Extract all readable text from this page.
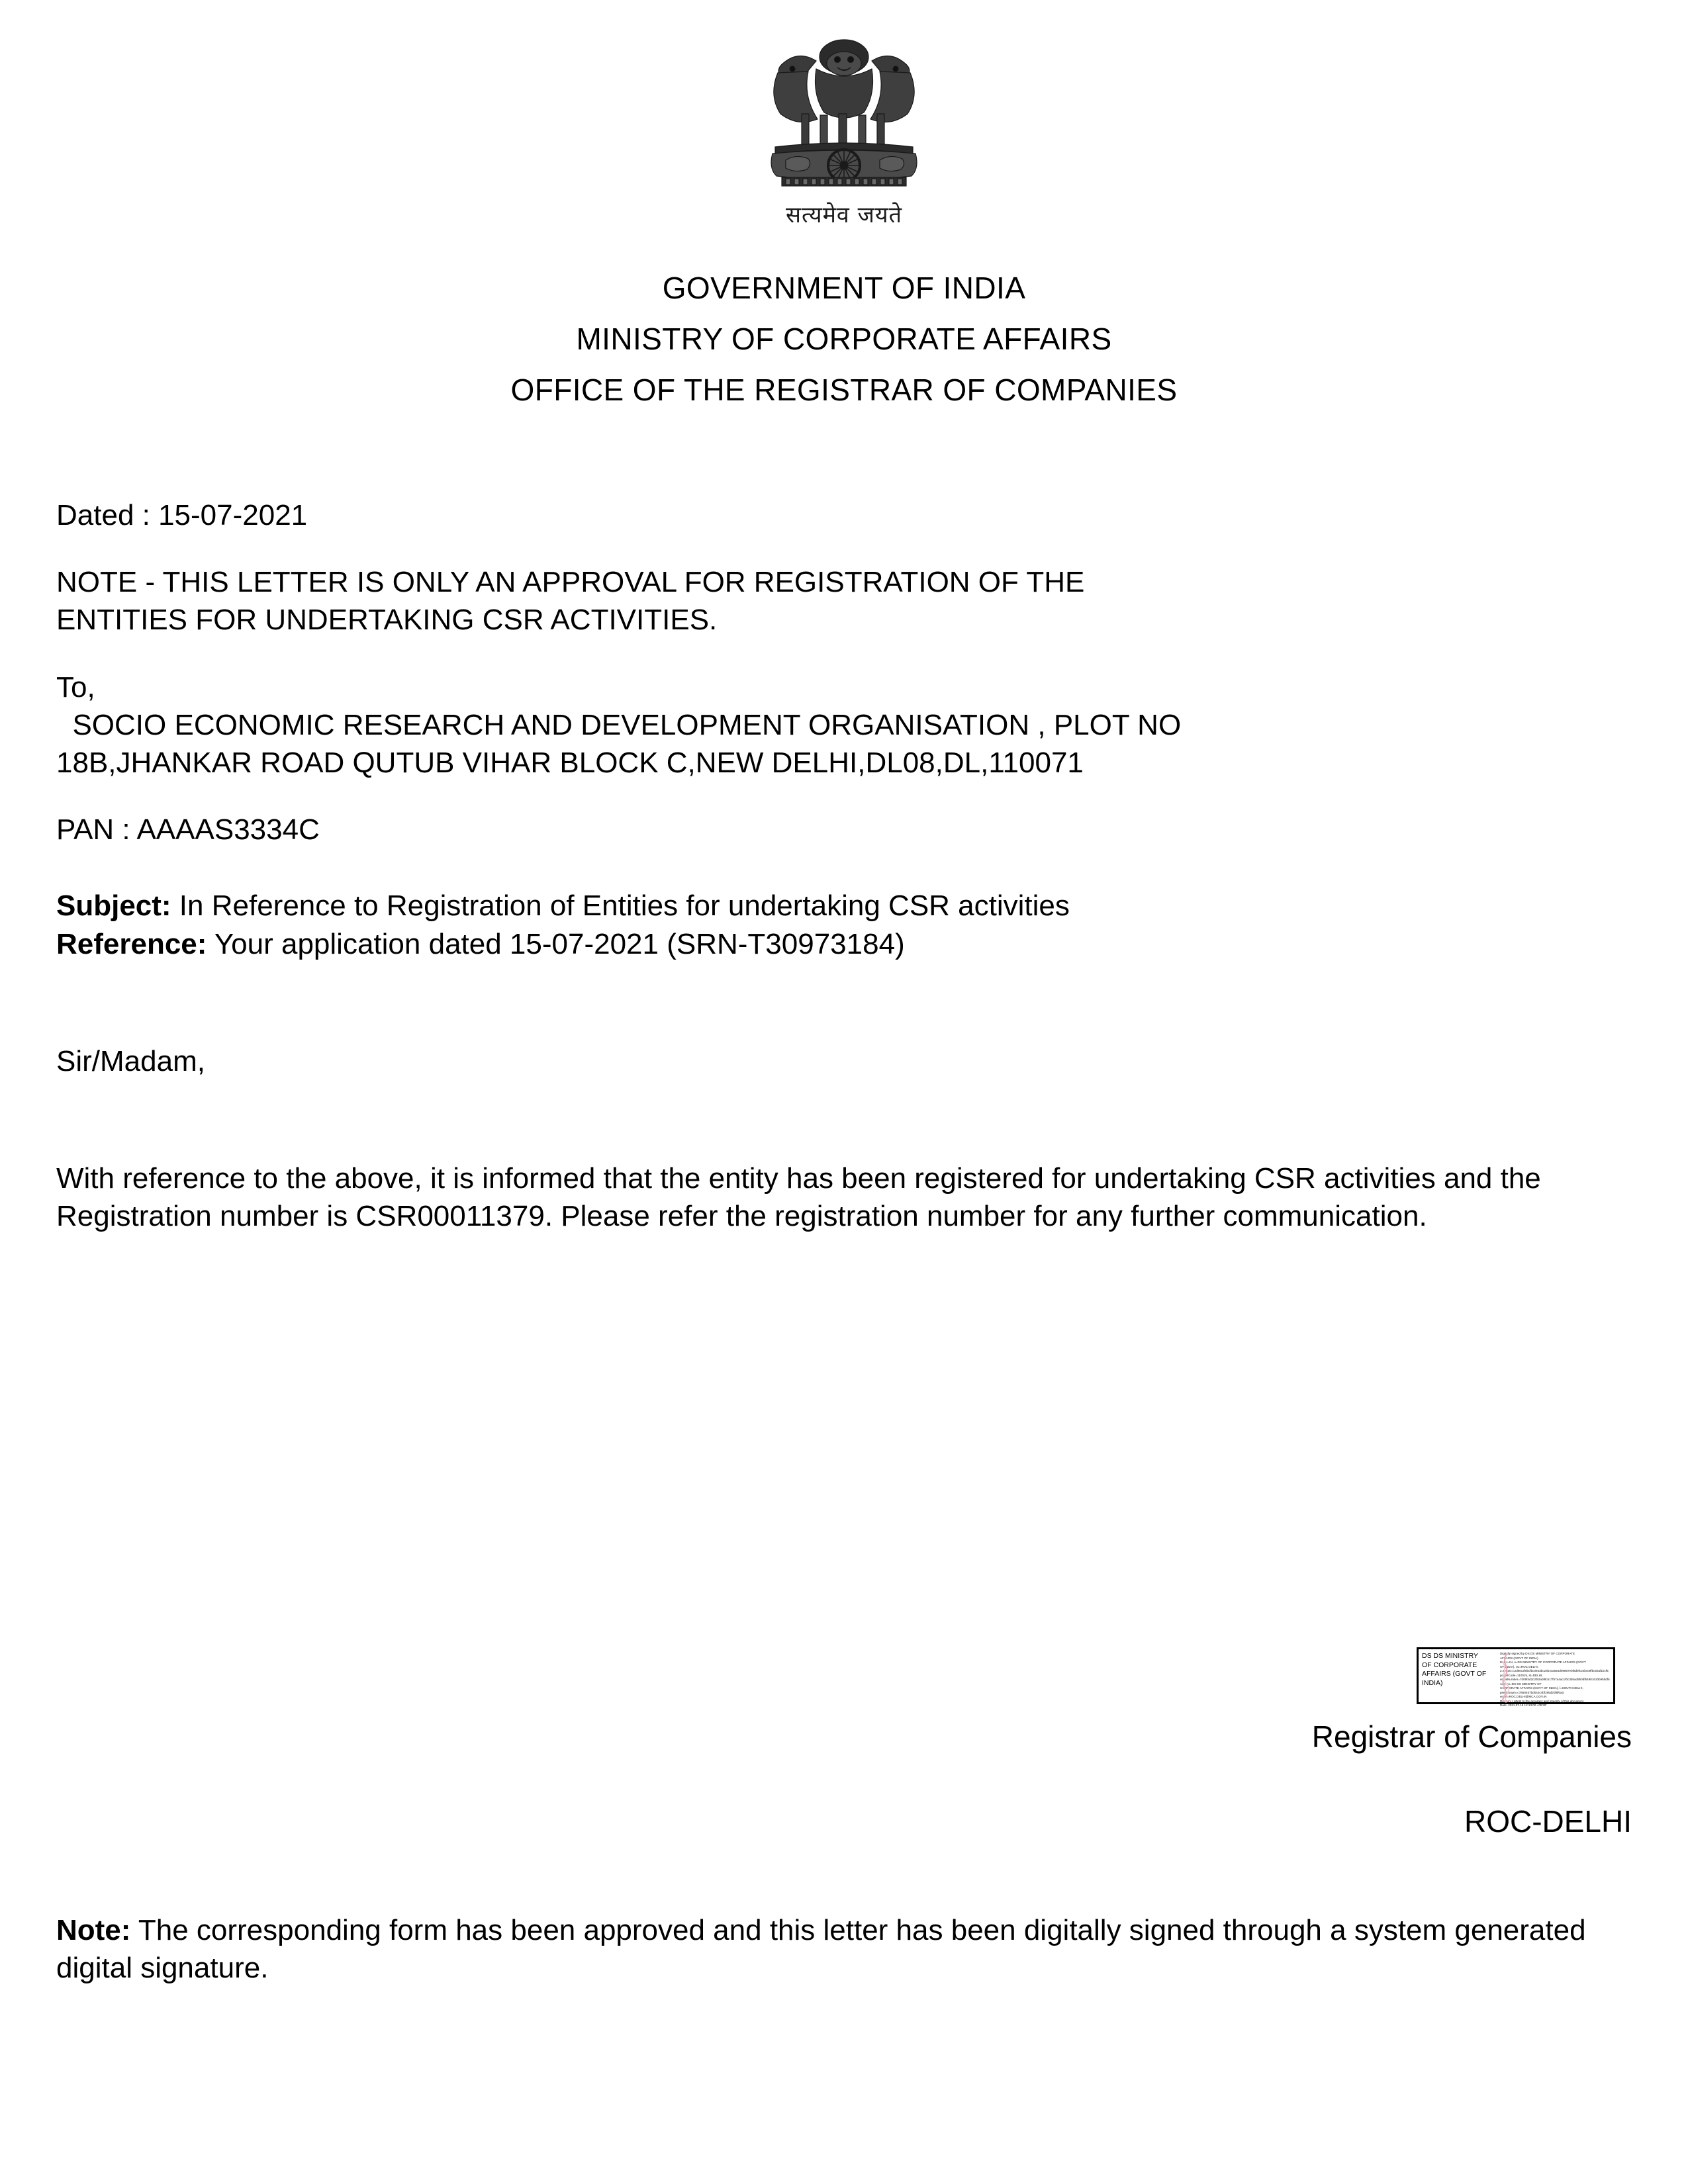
सत्यमेव जयते
GOVERNMENT OF INDIA
MINISTRY OF CORPORATE AFFAIRS
OFFICE OF THE REGISTRAR OF COMPANIES
Dated : 15-07-2021
NOTE - THIS LETTER IS ONLY AN APPROVAL FOR REGISTRATION OF THE
ENTITIES FOR UNDERTAKING CSR ACTIVITIES.
To,
SOCIO ECONOMIC RESEARCH AND DEVELOPMENT ORGANISATION , PLOT NO
18B,JHANKAR ROAD QUTUB VIHAR BLOCK C,NEW DELHI,DL08,DL,110071
PAN : AAAAS3334C
Subject: In Reference to Registration of Entities for undertaking CSR activities
Reference: Your application dated 15-07-2021 (SRN-T30973184)
Sir/Madam,
With reference to the above, it is informed that the entity has been registered for undertaking CSR activities and the Registration number is CSR00011379. Please refer the registration number for any further communication.
DS DS MINISTRY
OF CORPORATE
AFFAIRS (GOVT OF
INDIA)
Digitally signed by DS DS MINISTRY OF CORPORATE
AFFAIRS (GOVT OF INDIA)
DN: c=IN, o=DS MINISTRY OF CORPORATE AFFAIRS (GOVT
OF INDIA), ou=ROC DELHI,
2.5.4.20=c2d60c2f0bcfbc0943bc26b4ca645d09867ebf8d9fc24bc09fbc92af1bcf9, postalCode=110019, st=DELHI,
serialNumber=7d09f4d2c2f92abf8cb17fb7a4ac1f0c3bbad9b0dfb4901610b95bdf61d0, cn=DS DS MINISTRY OF
CORPORATE AFFAIRS (GOVT OF INDIA), l=SOUTH DELHI,
pseudonym=c7850457bd042c4bf295d20f8f0a0,
email=ROC.DELHI@MCA.GOV.IN
Reason: I attest to the accuracy and integrity of this document
Date: 2021.07.15 12:13:00 +05'30'
Registrar of Companies
ROC-DELHI
Note: The corresponding form has been approved and this letter has been digitally signed through a system generated digital signature.
